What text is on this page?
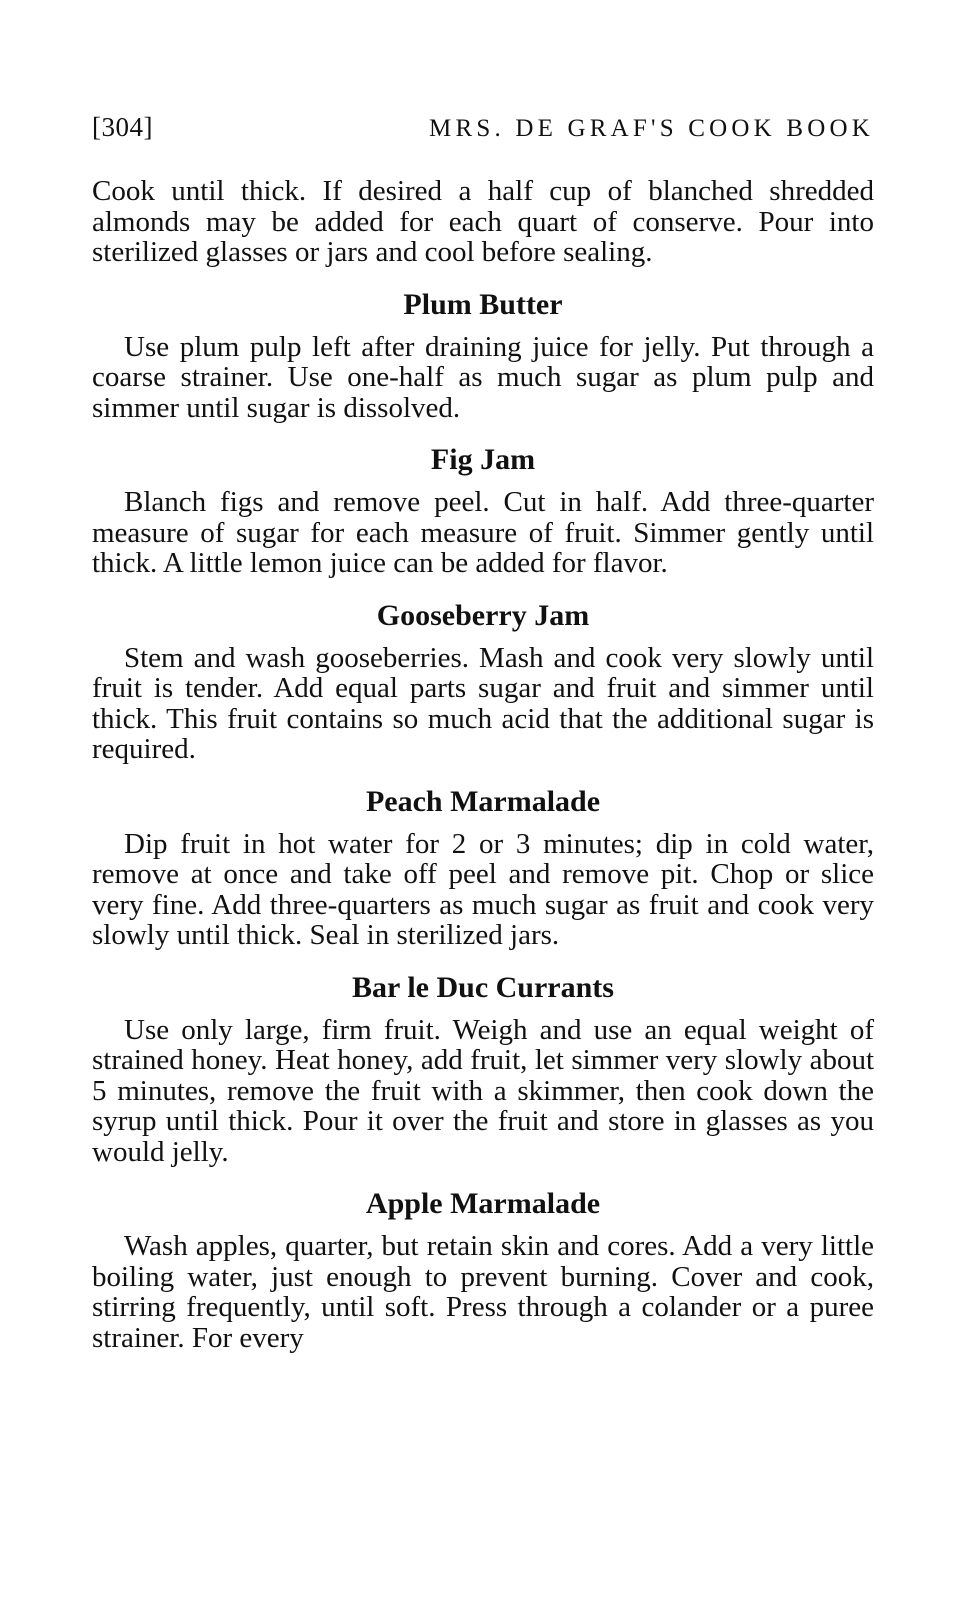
[304]	MRS. DE GRAF'S COOK BOOK

Cook until thick. If desired a half cup of blanched shredded almonds may be added for each quart of conserve. Pour into sterilized glasses or jars and cool before sealing.

Plum Butter

Use plum pulp left after draining juice for jelly. Put through a coarse strainer. Use one-half as much sugar as plum pulp and simmer until sugar is dissolved.

Fig Jam

Blanch figs and remove peel. Cut in half. Add three-quarter measure of sugar for each measure of fruit. Simmer gently until thick. A little lemon juice can be added for flavor.

Gooseberry Jam

Stem and wash gooseberries. Mash and cook very slowly until fruit is tender. Add equal parts sugar and fruit and simmer until thick. This fruit contains so much acid that the additional sugar is required.

Peach Marmalade

Dip fruit in hot water for 2 or 3 minutes; dip in cold water, remove at once and take off peel and remove pit. Chop or slice very fine. Add three-quarters as much sugar as fruit and cook very slowly until thick. Seal in sterilized jars.

Bar le Duc Currants

Use only large, firm fruit. Weigh and use an equal weight of strained honey. Heat honey, add fruit, let simmer very slowly about 5 minutes, remove the fruit with a skimmer, then cook down the syrup until thick. Pour it over the fruit and store in glasses as you would jelly.

Apple Marmalade

Wash apples, quarter, but retain skin and cores. Add a very little boiling water, just enough to prevent burning. Cover and cook, stirring frequently, until soft. Press through a colander or a puree strainer. For every
